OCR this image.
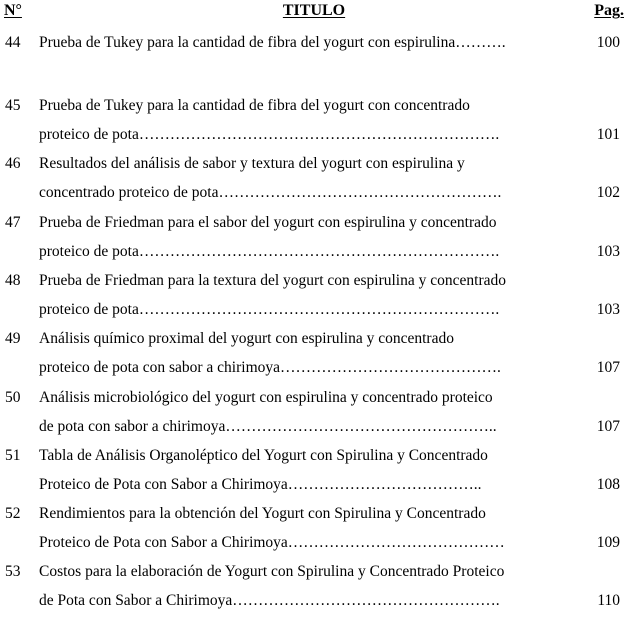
N°	TITULO	Pag.
44 Prueba de Tukey para la cantidad de fibra del yogurt con espirulina……….	100
45 Prueba de Tukey para la cantidad de fibra del yogurt con concentrado
proteico de pota…………………………………………………………….	101
46 Resultados del análisis de sabor y textura del yogurt con espirulina y
concentrado proteico de pota……………………………………………….	102
47 Prueba de Friedman para el sabor del yogurt con espirulina y concentrado
proteico de pota…………………………………………………………….	103
48 Prueba de Friedman para la textura del yogurt con espirulina y concentrado
proteico de pota…………………………………………………………….	103
49 Análisis químico proximal del yogurt con espirulina y concentrado
proteico de pota con sabor a chirimoya…………………………………….	107
50 Análisis microbiológico del yogurt con espirulina y concentrado proteico
de pota con sabor a chirimoya……………………………………………..	107
51 Tabla de Análisis Organoléptico del Yogurt con Spirulina y Concentrado
Proteico de Pota con Sabor a Chirimoya………………………………..	108
52 Rendimientos para la obtención del Yogurt con Spirulina y Concentrado
Proteico de Pota con Sabor a Chirimoya……………………………………	109
53 Costos para la elaboración de Yogurt con Spirulina y Concentrado Proteico
de Pota con Sabor a Chirimoya…………………………………………….	110
